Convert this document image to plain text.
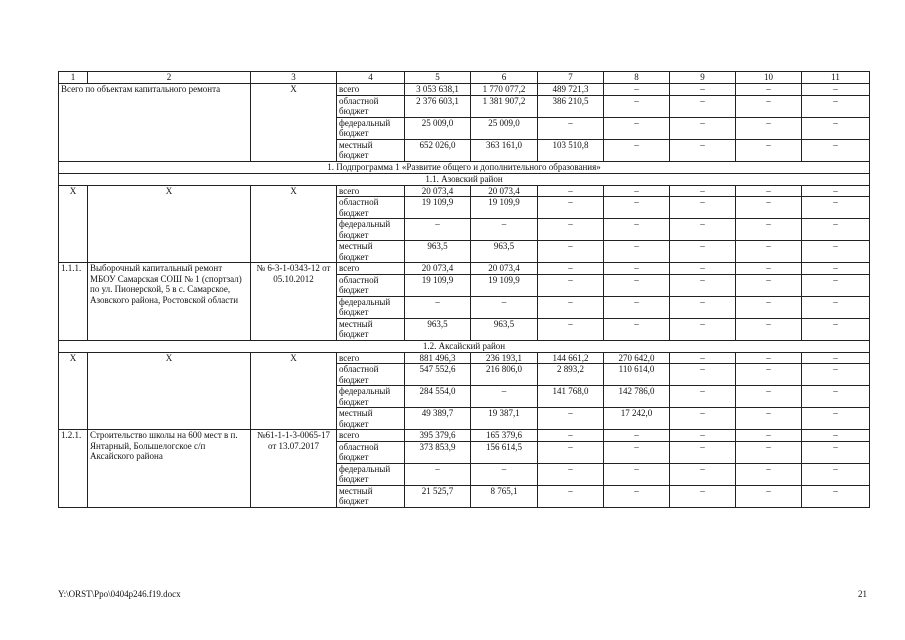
1	2	3	4	5	6	7	8	9	10	11
Всего по объектам капитального ремонта		Х	всего	3 053 638,1	1 770 077,2	489 721,3	–	–	–	–
			областной бюджет	2 376 603,1	1 381 907,2	386 210,5	–	–	–	–
			федеральный бюджет	25 009,0	25 009,0	–	–	–	–	–
			местный бюджет	652 026,0	363 161,0	103 510,8	–	–	–	–
1. Подпрограмма 1 «Развитие общего и дополнительного образования»										
1.1. Азовский район										
Х	Х	Х	всего	20 073,4	20 073,4	–	–	–	–	–
			областной бюджет	19 109,9	19 109,9	–	–	–	–	–
			федеральный бюджет	–	–	–	–	–	–	–
			местный бюджет	963,5	963,5	–	–	–	–	–
1.1.1.	Выборочный капитальный ремонт МБОУ Самарская СОШ № 1 (спортзал) по ул. Пионерской, 5 в с. Самарское, Азовского района, Ростовской области	№ 6-3-1-0343-12 от 05.10.2012	всего	20 073,4	20 073,4	–	–	–	–	–
			областной бюджет	19 109,9	19 109,9	–	–	–	–	–
			федеральный бюджет	–	–	–	–	–	–	–
			местный бюджет	963,5	963,5	–	–	–	–	–
1.2. Аксайский район										
Х	Х	Х	всего	881 496,3	236 193,1	144 661,2	270 642,0	–	–	–
			областной бюджет	547 552,6	216 806,0	2 893,2	110 614,0	–	–	–
			федеральный бюджет	284 554,0	–	141 768,0	142 786,0	–	–	–
			местный бюджет	49 389,7	19 387,1	–	17 242,0	–	–	–
1.2.1.	Строительство школы на 600 мест в п. Янтарный, Большелогское с/п Аксайского района	№61-1-1-3-0065-17 от 13.07.2017	всего	395 379,6	165 379,6	–	–	–	–	–
			областной бюджет	373 853,9	156 614,5	–	–	–	–	–
			федеральный бюджет	–	–	–	–	–	–	–
			местный бюджет	21 525,7	8 765,1	–	–	–	–	–
Y:\ORST\Ppo\0404p246.f19.docx	21
